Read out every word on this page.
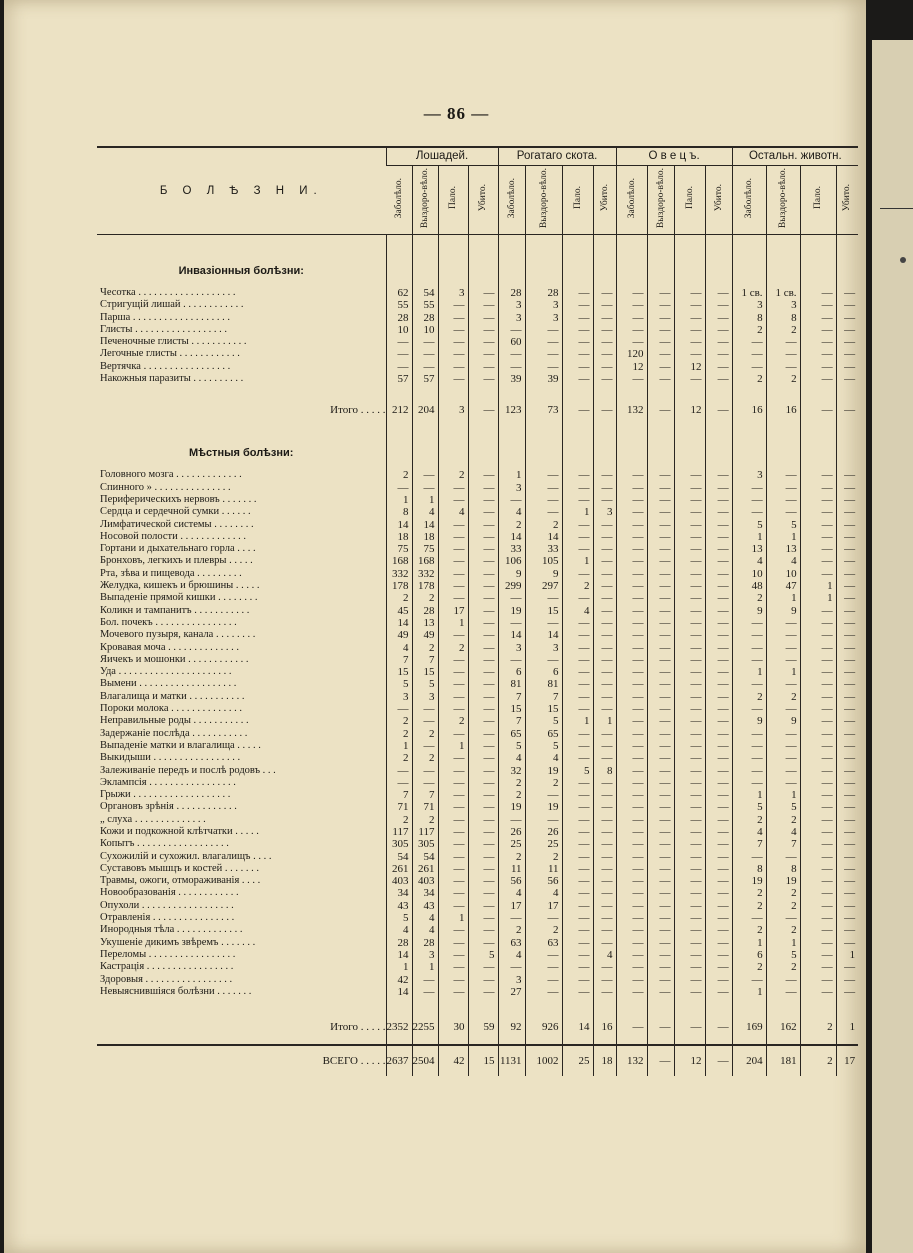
— 86 —
Б О Л Ѣ З Н И.	Лошадей.				Рогатаго скота.				О в е ц ъ.				Остальн. животн.			
	Заболѣло.	Выздоро-вѣло.	Пало.	Убито.	Заболѣло.	Выздоро-вѣло.	Пало.	Убито.	Заболѣло.	Выздоро-вѣло.	Пало.	Убито.	Заболѣло.	Выздоро-вѣло.	Пало.	Убито.

Инвазіонныя болѣзни:																

Чесотка . . . . . . . . . . . . . . . . . . .	62	54	3	—	28	28	—	—	—	—	—	—	1 св.	1 св.	—	—
Стригущій лишай . . . . . . . . . . . .	55	55	—	—	3	3	—	—	—	—	—	—	3	3	—	—
Парша . . . . . . . . . . . . . . . . . . .	28	28	—	—	3	3	—	—	—	—	—	—	8	8	—	—
Глисты . . . . . . . . . . . . . . . . . .	10	10	—	—	—	—	—	—	—	—	—	—	2	2	—	—
Печеночные глисты . . . . . . . . . . .	—	—	—	—	60	—	—	—	—	—	—	—	—	—	—	—
Легочные глисты . . . . . . . . . . . .	—	—	—	—	—	—	—	—	120	—	—	—	—	—	—	—
Вертячка . . . . . . . . . . . . . . . . .	—	—	—	—	—	—	—	—	12	—	12	—	—	—	—	—
Накожныя паразиты . . . . . . . . . .	57	57	—	—	39	39	—	—	—	—	—	—	2	2	—	—

Итого . . . . .	212	204	3	—	123	73	—	—	132	—	12	—	16	16	—	—

Мѣстныя болѣзни:																

Головного мозга . . . . . . . . . . . . .	2	—	2	—	1	—	—	—	—	—	—	—	3	—	—	—
Спинного » . . . . . . . . . . . . . . .	—	—	—	—	3	—	—	—	—	—	—	—	—	—	—	—
Периферическихъ нервовъ . . . . . . .	1	1	—	—	—	—	—	—	—	—	—	—	—	—	—	—
Сердца и сердечной сумки . . . . . .	8	4	4	—	4	—	1	3	—	—	—	—	—	—	—	—
Лимфатической системы . . . . . . . .	14	14	—	—	2	2	—	—	—	—	—	—	5	5	—	—
Носовой полости . . . . . . . . . . . . .	18	18	—	—	14	14	—	—	—	—	—	—	1	1	—	—
Гортани и дыхательнаго горла . . . .	75	75	—	—	33	33	—	—	—	—	—	—	13	13	—	—
Бронховъ, легкихъ и плевры . . . . .	168	168	—	—	106	105	1	—	—	—	—	—	4	4	—	—
Рта, зѣва и пищевода . . . . . . . . .	332	332	—	—	9	9	—	—	—	—	—	—	10	10	—	—
Желудка, кишекъ и брюшины . . . . .	178	178	—	—	299	297	2	—	—	—	—	—	48	47	1	—
Выпаденіе прямой кишки . . . . . . . .	2	2	—	—	—	—	—	—	—	—	—	—	2	1	1	—
Коликн и тампанитъ . . . . . . . . . . .	45	28	17	—	19	15	4	—	—	—	—	—	9	9	—	—
Бол. почекъ . . . . . . . . . . . . . . . .	14	13	1	—	—	—	—	—	—	—	—	—	—	—	—	—
Мочевого пузыря, канала . . . . . . . .	49	49	—	—	14	14	—	—	—	—	—	—	—	—	—	—
Кровавая моча . . . . . . . . . . . . . .	4	2	2	—	3	3	—	—	—	—	—	—	—	—	—	—
Яичекъ и мошонки . . . . . . . . . . . .	7	7	—	—	—	—	—	—	—	—	—	—	—	—	—	—
Уда . . . . . . . . . . . . . . . . . . . . . .	15	15	—	—	6	6	—	—	—	—	—	—	1	1	—	—
Вымени . . . . . . . . . . . . . . . . . . .	5	5	—	—	81	81	—	—	—	—	—	—	—	—	—	—
Влагалища и матки . . . . . . . . . . .	3	3	—	—	7	7	—	—	—	—	—	—	2	2	—	—
Пороки молока . . . . . . . . . . . . . .	—	—	—	—	15	15	—	—	—	—	—	—	—	—	—	—
Неправильные роды . . . . . . . . . . .	2	—	2	—	7	5	1	1	—	—	—	—	9	9	—	—
Задержаніе послѣда . . . . . . . . . . .	2	2	—	—	65	65	—	—	—	—	—	—	—	—	—	—
Выпаденіе матки и влагалища . . . . .	1	—	1	—	5	5	—	—	—	—	—	—	—	—	—	—
Выкидыши . . . . . . . . . . . . . . . . .	2	2	—	—	4	4	—	—	—	—	—	—	—	—	—	—
Залеживаніе передъ и послѣ родовъ . . .	—	—	—	—	32	19	5	8	—	—	—	—	—	—	—	—
Эклампсія . . . . . . . . . . . . . . . . .	—	—	—	—	2	2	—	—	—	—	—	—	—	—	—	—
Грыжи . . . . . . . . . . . . . . . . . . .	7	7	—	—	2	—	—	—	—	—	—	—	1	1	—	—
Органовъ зрѣнія . . . . . . . . . . . .	71	71	—	—	19	19	—	—	—	—	—	—	5	5	—	—
„ слуха . . . . . . . . . . . . . .	2	2	—	—	—	—	—	—	—	—	—	—	2	2	—	—
Кожи и подкожной клѣтчатки . . . . .	117	117	—	—	26	26	—	—	—	—	—	—	4	4	—	—
Копытъ . . . . . . . . . . . . . . . . . .	305	305	—	—	25	25	—	—	—	—	—	—	7	7	—	—
Сухожилій и сухожил. влагалищъ . . . .	54	54	—	—	2	2	—	—	—	—	—	—	—	—	—	—
Суставовъ мышцъ и костей . . . . . . .	261	261	—	—	11	11	—	—	—	—	—	—	8	8	—	—
Травмы, ожоги, отмораживанія . . . .	403	403	—	—	56	56	—	—	—	—	—	—	19	19	—	—
Новообразованія . . . . . . . . . . . .	34	34	—	—	4	4	—	—	—	—	—	—	2	2	—	—
Опухоли . . . . . . . . . . . . . . . . . .	43	43	—	—	17	17	—	—	—	—	—	—	2	2	—	—
Отравленія . . . . . . . . . . . . . . . .	5	4	1	—	—	—	—	—	—	—	—	—	—	—	—	—
Инородныя тѣла . . . . . . . . . . . . .	4	4	—	—	2	2	—	—	—	—	—	—	2	2	—	—
Укушеніе дикимъ звѣремъ . . . . . . .	28	28	—	—	63	63	—	—	—	—	—	—	1	1	—	—
Переломы . . . . . . . . . . . . . . . . .	14	3	—	5	4	—	—	4	—	—	—	—	6	5	—	1
Кастрація . . . . . . . . . . . . . . . . .	1	1	—	—	—	—	—	—	—	—	—	—	2	2	—	—
Здоровыя . . . . . . . . . . . . . . . . .	42	—	—	—	3	—	—	—	—	—	—	—	—	—	—	—
Невыяснившіяся болѣзни . . . . . . .	14	—	—	—	27	—	—	—	—	—	—	—	1	—	—	—

Итого . . . . .	2352	2255	30	59	92	926	14	16	—	—	—	—	169	162	2	1

ВСЕГО . . . . .	2637	2504	42	15	1131	1002	25	18	132	—	12	—	204	181	2	17
